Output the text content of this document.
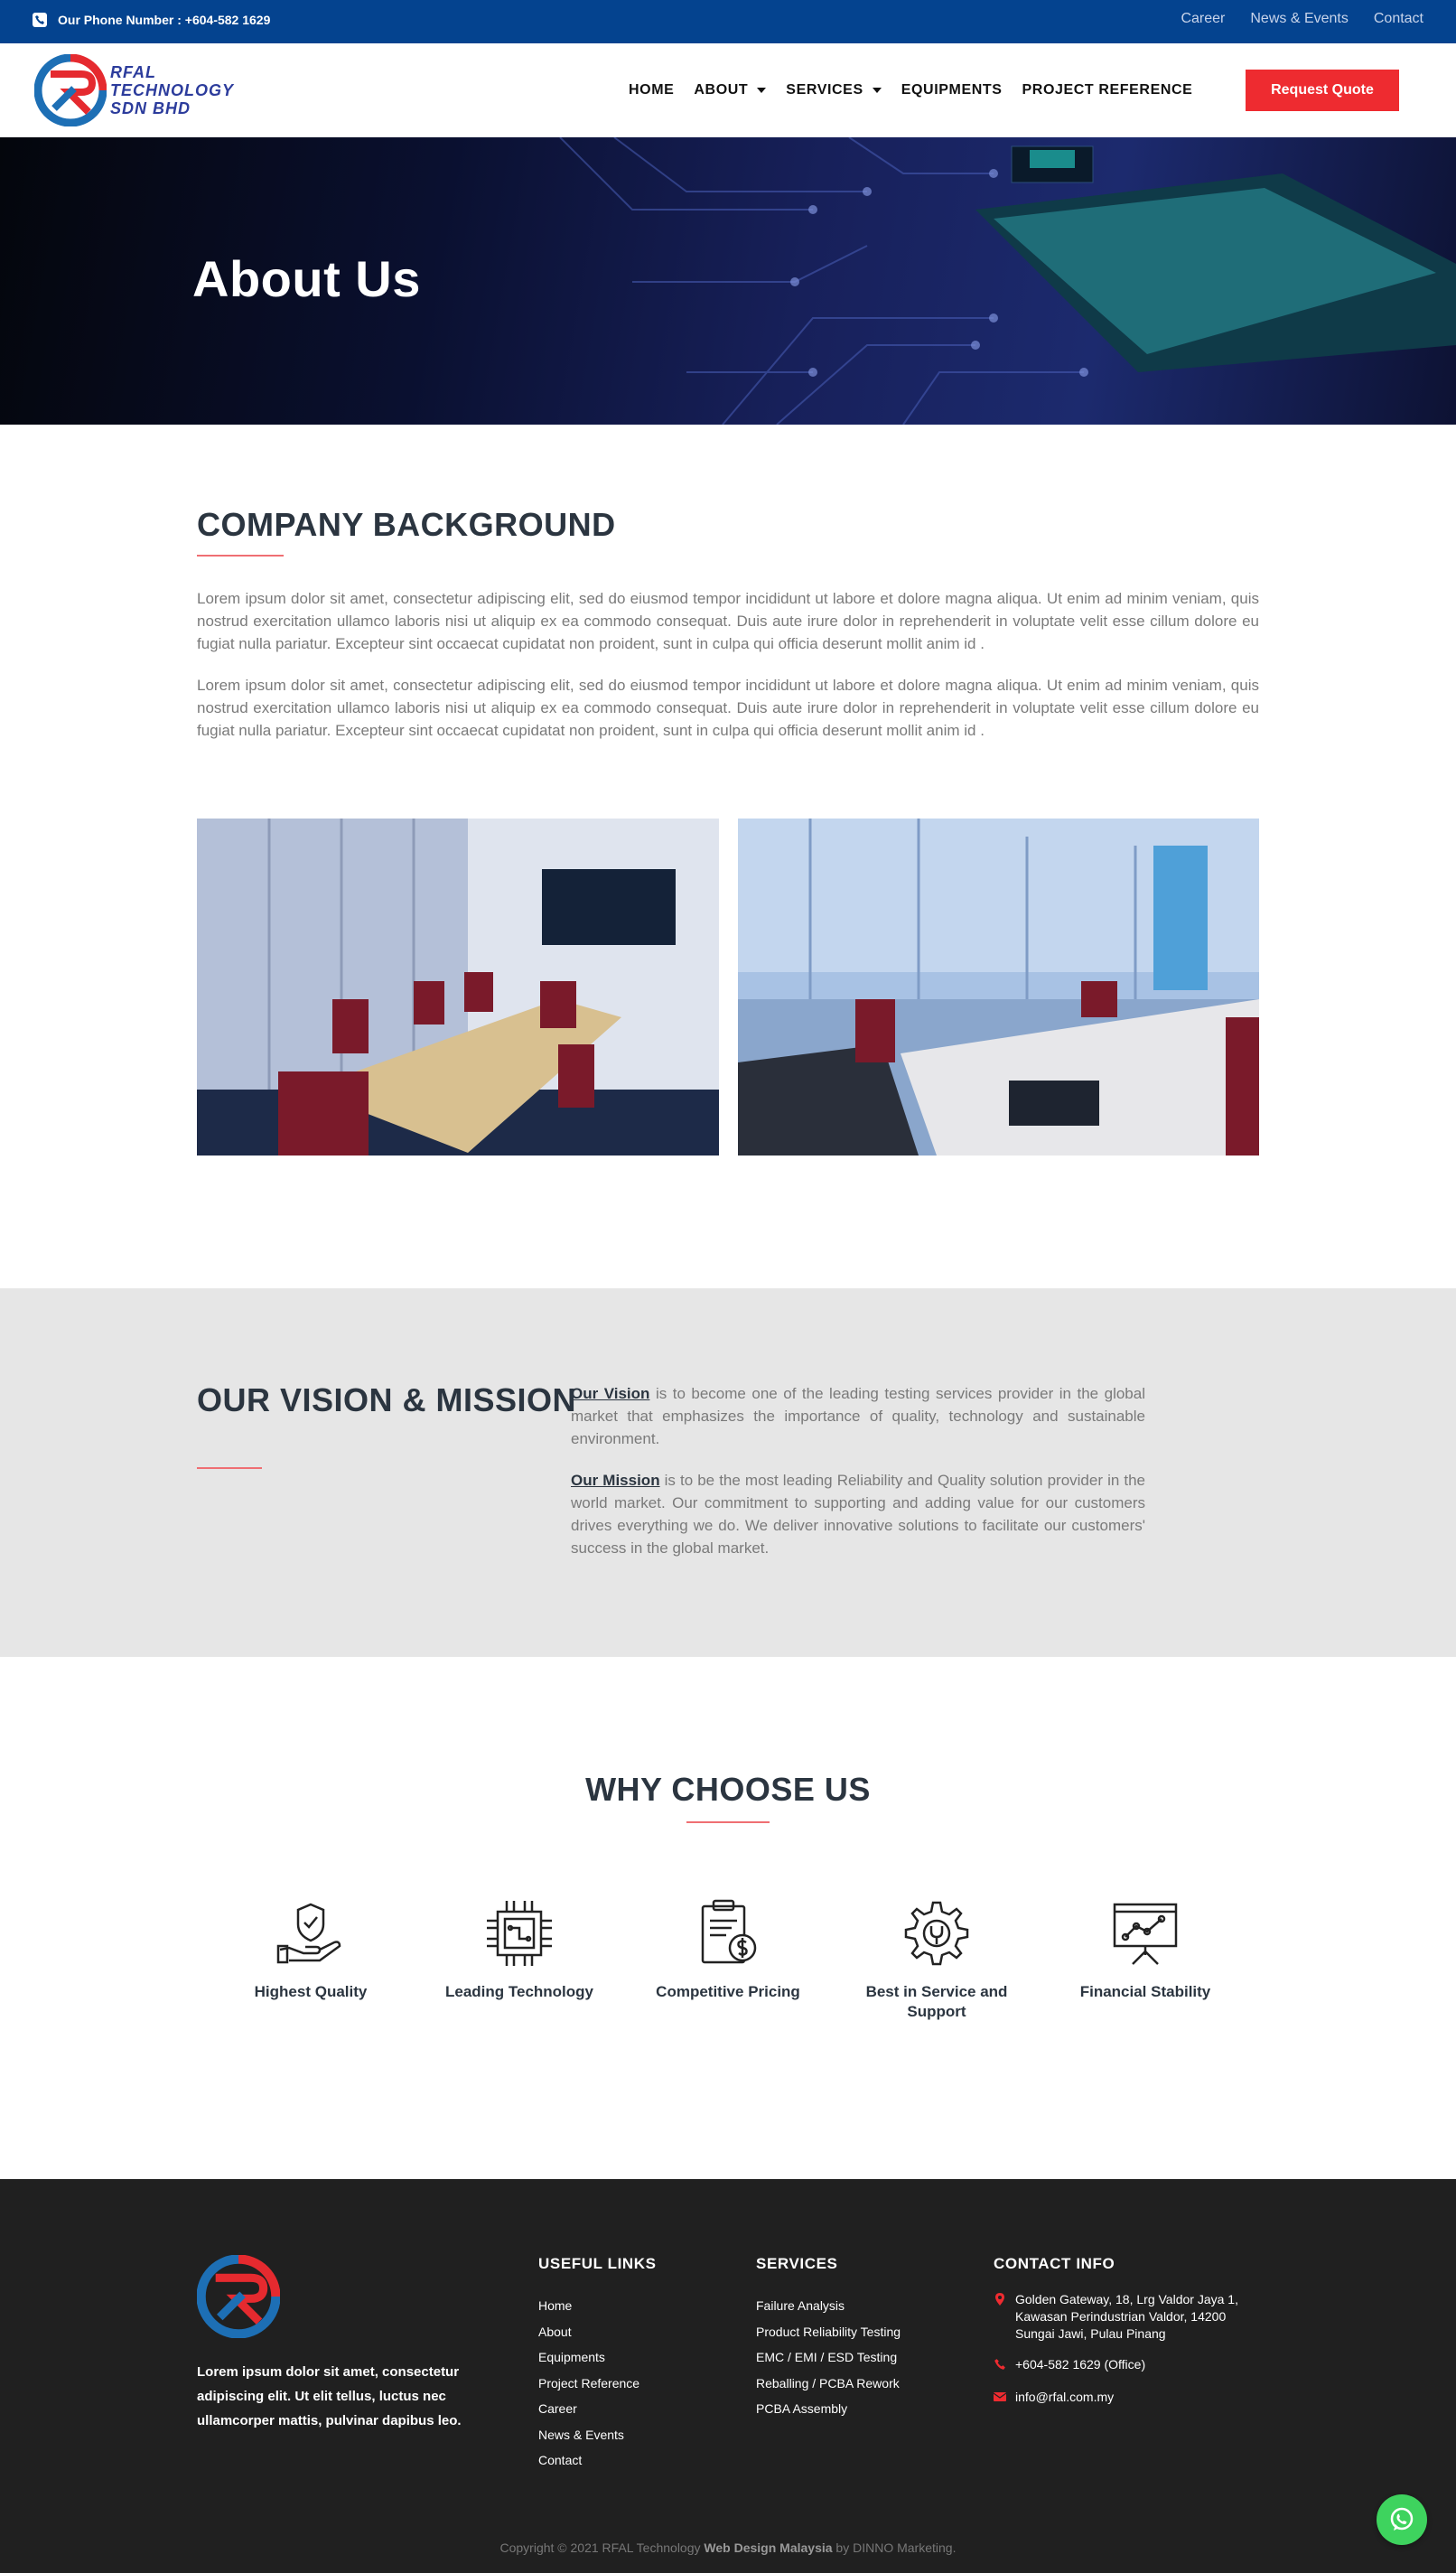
Our Phone Number : +604-582 1629	Career News & Events Contact
RFAL
TECHNOLOGY
SDN BHD
HOME ABOUT	SERVICES	EQUIPMENTS PROJECT REFERENCE	Request Quote
About Us
COMPANY BACKGROUND

Lorem ipsum dolor sit amet, consectetur adipiscing elit, sed do eiusmod tempor incididunt ut labore et dolore magna aliqua. Ut enim ad minim veniam, quis nostrud exercitation ullamco laboris nisi ut aliquip ex ea commodo consequat. Duis aute irure dolor in reprehenderit in voluptate velit esse cillum dolore eu fugiat nulla pariatur. Excepteur sint occaecat cupidatat non proident, sunt in culpa qui officia deserunt mollit anim id .

Lorem ipsum dolor sit amet, consectetur adipiscing elit, sed do eiusmod tempor incididunt ut labore et dolore magna aliqua. Ut enim ad minim veniam, quis nostrud exercitation ullamco laboris nisi ut aliquip ex ea commodo consequat. Duis aute irure dolor in reprehenderit in voluptate velit esse cillum dolore eu fugiat nulla pariatur. Excepteur sint occaecat cupidatat non proident, sunt in culpa qui officia deserunt mollit anim id .

OUR VISION & MISSION

Our Vision is to become one of the leading testing services provider in the global market that emphasizes the importance of quality, technology and sustainable environment.

Our Mission is to be the most leading Reliability and Quality solution provider in the world market. Our commitment to supporting and adding value for our customers drives everything we do. We deliver innovative solutions to facilitate our customers' success in the global market.

WHY CHOOSE US
Highest Quality	Leading Technology	Competitive Pricing	Best in Service and Support
Financial Stability

Lorem ipsum dolor sit amet, consectetur adipiscing elit. Ut elit tellus, luctus nec ullamcorper mattis, pulvinar dapibus leo.

USEFUL LINKS
Home
About
Equipments
Project Reference
Career
News & Events
Contact
SERVICES
Failure Analysis
Product Reliability Testing
EMC / EMI / ESD Testing
Reballing / PCBA Rework
PCBA Assembly
CONTACT INFO
Golden Gateway, 18, Lrg Valdor Jaya 1, Kawasan Perindustrian Valdor, 14200 Sungai Jawi, Pulau Pinang
+604-582 1629 (Office)
info@rfal.com.my
Copyright © 2021 RFAL Technology Web Design Malaysia by DINNO Marketing.
